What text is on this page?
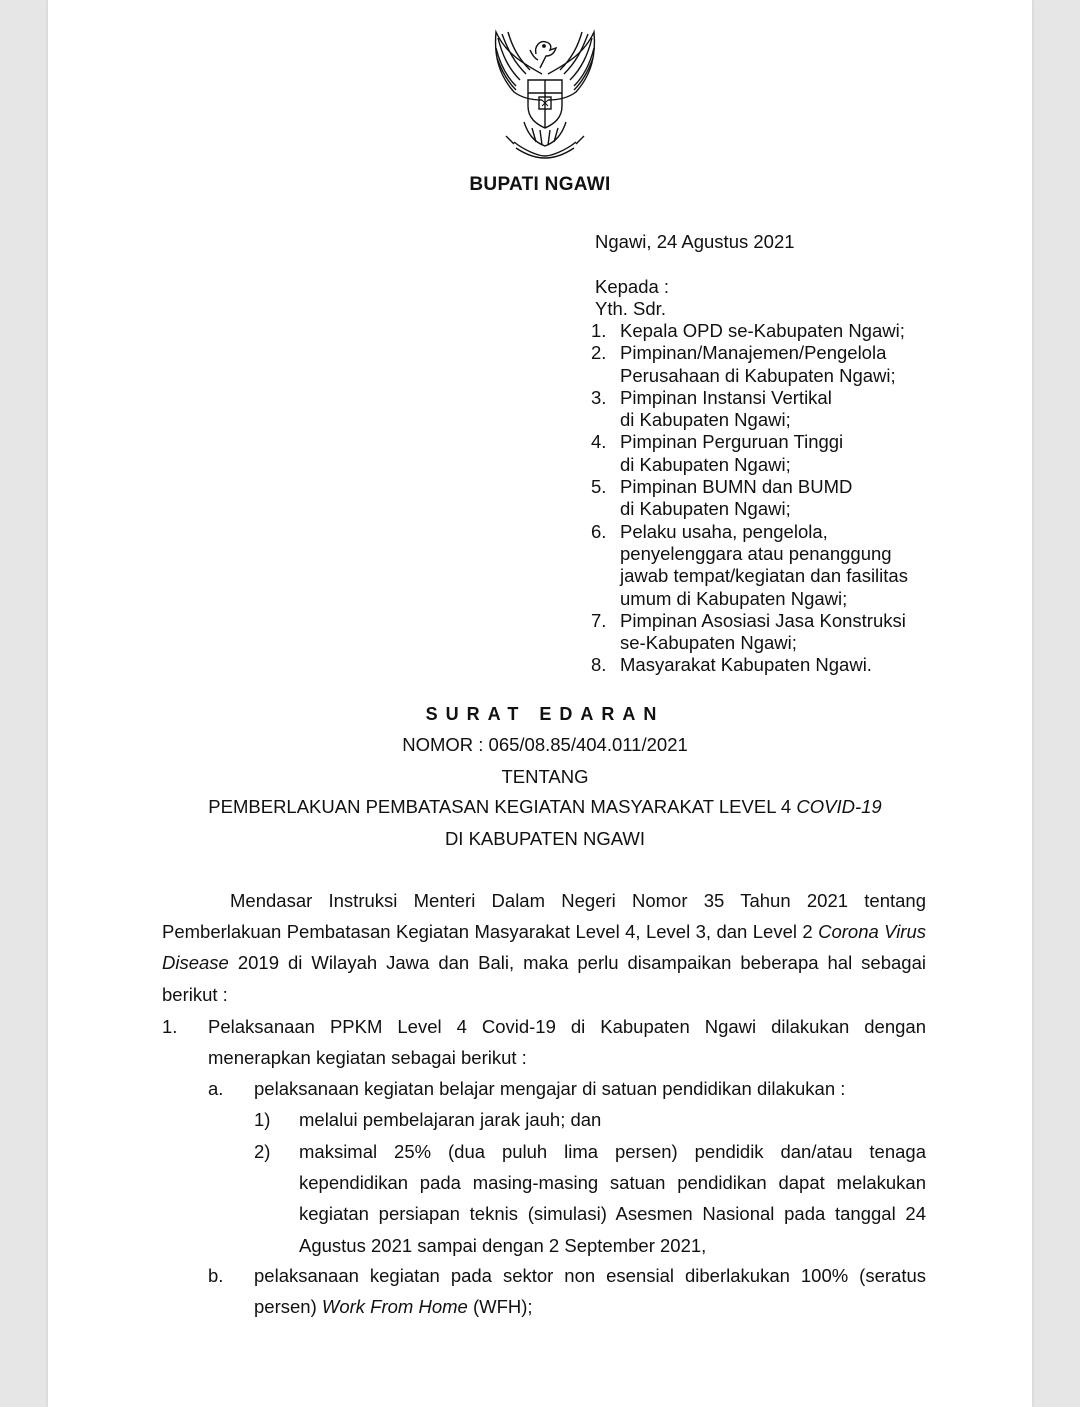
BUPATI NGAWI
Ngawi, 24 Agustus 2021
Kepada :
Yth. Sdr.
1. Kepala OPD se-Kabupaten Ngawi;
2. Pimpinan/Manajemen/Pengelola
Perusahaan di Kabupaten Ngawi;
3. Pimpinan Instansi Vertikal
di Kabupaten Ngawi;
4. Pimpinan Perguruan Tinggi
di Kabupaten Ngawi;
5. Pimpinan BUMN dan BUMD
di Kabupaten Ngawi;
6. Pelaku usaha, pengelola,
penyelenggara atau penanggung
jawab tempat/kegiatan dan fasilitas
umum di Kabupaten Ngawi;
7. Pimpinan Asosiasi Jasa Konstruksi
se-Kabupaten Ngawi;
8. Masyarakat Kabupaten Ngawi.
SURAT EDARAN
NOMOR : 065/08.85/404.011/2021
TENTANG
PEMBERLAKUAN PEMBATASAN KEGIATAN MASYARAKAT LEVEL 4 COVID-19
DI KABUPATEN NGAWI

Mendasar Instruksi Menteri Dalam Negeri Nomor 35 Tahun 2021 tentang Pemberlakuan Pembatasan Kegiatan Masyarakat Level 4, Level 3, dan Level 2 Corona Virus Disease 2019 di Wilayah Jawa dan Bali, maka perlu disampaikan beberapa hal sebagai berikut :

1. Pelaksanaan PPKM Level 4 Covid-19 di Kabupaten Ngawi dilakukan dengan menerapkan kegiatan sebagai berikut :
a. pelaksanaan kegiatan belajar mengajar di satuan pendidikan dilakukan :
1) melalui pembelajaran jarak jauh; dan
2) maksimal 25% (dua puluh lima persen) pendidik dan/atau tenaga kependidikan pada masing-masing satuan pendidikan dapat melakukan kegiatan persiapan teknis (simulasi) Asesmen Nasional pada tanggal 24 Agustus 2021 sampai dengan 2 September 2021,
b. pelaksanaan kegiatan pada sektor non esensial diberlakukan 100% (seratus persen) Work From Home (WFH);
